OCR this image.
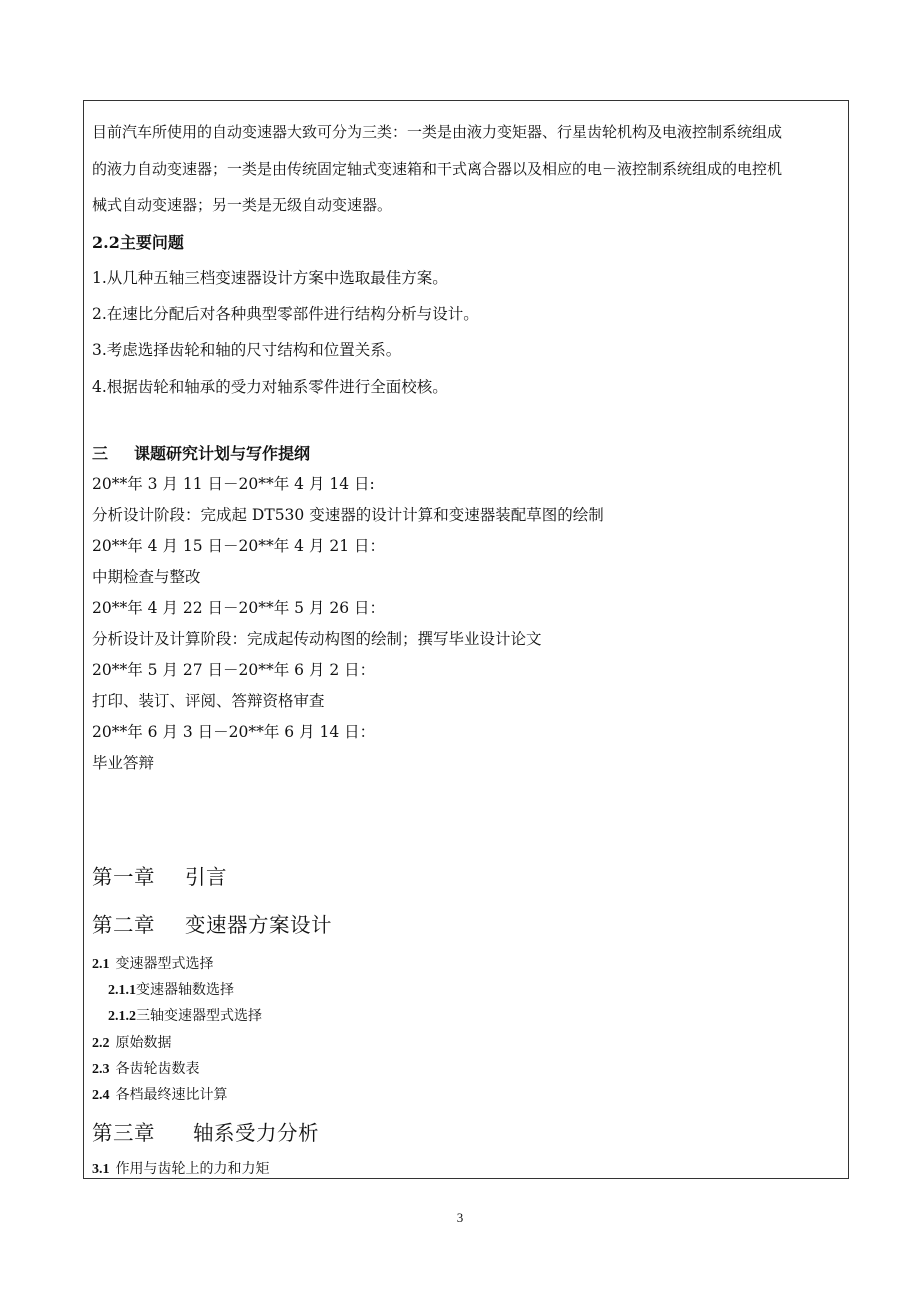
目前汽车所使用的自动变速器大致可分为三类：一类是由液力变矩器、行星齿轮机构及电液控制系统组成
的液力自动变速器；一类是由传统固定轴式变速箱和干式离合器以及相应的电－液控制系统组成的电控机
械式自动变速器；另一类是无级自动变速器。
2.2主要问题
1.从几种五轴三档变速器设计方案中选取最佳方案。
2.在速比分配后对各种典型零部件进行结构分析与设计。
3.考虑选择齿轮和轴的尺寸结构和位置关系。
4.根据齿轮和轴承的受力对轴系零件进行全面校核。
三 课题研究计划与写作提纲
20**年 3 月 11 日－20**年 4 月 14 日:
分析设计阶段：完成起 DT530 变速器的设计计算和变速器装配草图的绘制
20**年 4 月 15 日－20**年 4 月 21 日：
中期检查与整改
20**年 4 月 22 日－20**年 5 月 26 日：
分析设计及计算阶段：完成起传动构图的绘制；撰写毕业设计论文
20**年 5 月 27 日－20**年 6 月 2 日：
打印、装订、评阅、答辩资格审查
20**年 6 月 3 日－20**年 6 月 14 日：
毕业答辩
第一章 引言
第二章 变速器方案设计
2.1 变速器型式选择
2.1.1变速器轴数选择
2.1.2三轴变速器型式选择
2.2 原始数据
2.3 各齿轮齿数表
2.4 各档最终速比计算
第三章 轴系受力分析
3.1 作用与齿轮上的力和力矩
3
